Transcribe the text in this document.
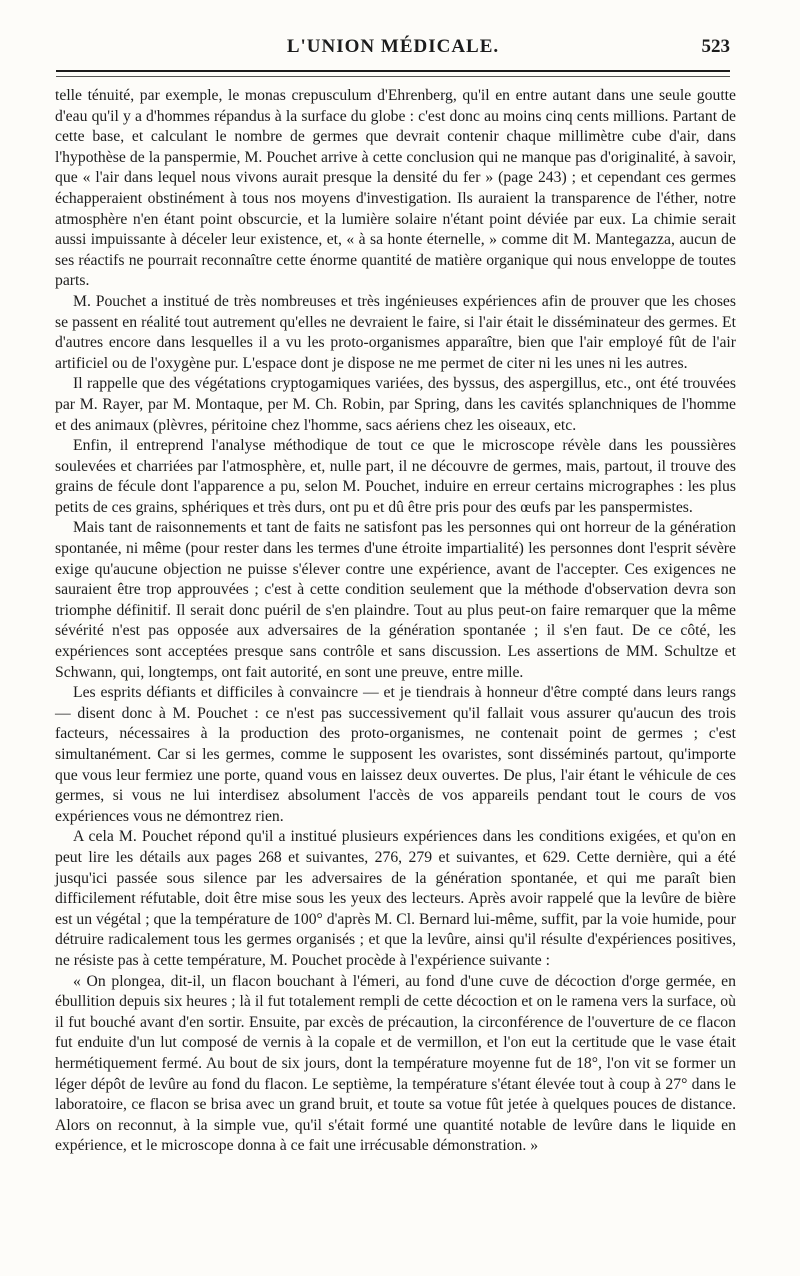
L'UNION MÉDICALE.	523

telle ténuité, par exemple, le monas crepusculum d'Ehrenberg, qu'il en entre autant dans une seule goutte d'eau qu'il y a d'hommes répandus à la surface du globe : c'est donc au moins cinq cents millions. Partant de cette base, et calculant le nombre de germes que devrait contenir chaque millimètre cube d'air, dans l'hypothèse de la panspermie, M. Pouchet arrive à cette conclusion qui ne manque pas d'originalité, à savoir, que « l'air dans lequel nous vivons aurait presque la densité du fer » (page 243) ; et cependant ces germes échapperaient obstinément à tous nos moyens d'investigation. Ils auraient la transparence de l'éther, notre atmosphère n'en étant point obscurcie, et la lumière solaire n'étant point déviée par eux. La chimie serait aussi impuissante à déceler leur existence, et, « à sa honte éternelle, » comme dit M. Mantegazza, aucun de ses réactifs ne pourrait reconnaître cette énorme quantité de matière organique qui nous enveloppe de toutes parts.

M. Pouchet a institué de très nombreuses et très ingénieuses expériences afin de prouver que les choses se passent en réalité tout autrement qu'elles ne devraient le faire, si l'air était le disséminateur des germes. Et d'autres encore dans lesquelles il a vu les proto-organismes apparaître, bien que l'air employé fût de l'air artificiel ou de l'oxygène pur. L'espace dont je dispose ne me permet de citer ni les unes ni les autres.

Il rappelle que des végétations cryptogamiques variées, des byssus, des aspergillus, etc., ont été trouvées par M. Rayer, par M. Montaque, per M. Ch. Robin, par Spring, dans les cavités splanchniques de l'homme et des animaux (plèvres, péritoine chez l'homme, sacs aériens chez les oiseaux, etc.

Enfin, il entreprend l'analyse méthodique de tout ce que le microscope révèle dans les poussières soulevées et charriées par l'atmosphère, et, nulle part, il ne découvre de germes, mais, partout, il trouve des grains de fécule dont l'apparence a pu, selon M. Pouchet, induire en erreur certains micrographes : les plus petits de ces grains, sphériques et très durs, ont pu et dû être pris pour des œufs par les panspermistes.

Mais tant de raisonnements et tant de faits ne satisfont pas les personnes qui ont horreur de la génération spontanée, ni même (pour rester dans les termes d'une étroite impartialité) les personnes dont l'esprit sévère exige qu'aucune objection ne puisse s'élever contre une expérience, avant de l'accepter. Ces exigences ne sauraient être trop approuvées ; c'est à cette condition seulement que la méthode d'observation devra son triomphe définitif. Il serait donc puéril de s'en plaindre. Tout au plus peut-on faire remarquer que la même sévérité n'est pas opposée aux adversaires de la génération spontanée ; il s'en faut. De ce côté, les expériences sont acceptées presque sans contrôle et sans discussion. Les assertions de MM. Schultze et Schwann, qui, longtemps, ont fait autorité, en sont une preuve, entre mille.

Les esprits défiants et difficiles à convaincre — et je tiendrais à honneur d'être compté dans leurs rangs — disent donc à M. Pouchet : ce n'est pas successivement qu'il fallait vous assurer qu'aucun des trois facteurs, nécessaires à la production des proto-organismes, ne contenait point de germes ; c'est simultanément. Car si les germes, comme le supposent les ovaristes, sont disséminés partout, qu'importe que vous leur fermiez une porte, quand vous en laissez deux ouvertes. De plus, l'air étant le véhicule de ces germes, si vous ne lui interdisez absolument l'accès de vos appareils pendant tout le cours de vos expériences vous ne démontrez rien.

A cela M. Pouchet répond qu'il a institué plusieurs expériences dans les conditions exigées, et qu'on en peut lire les détails aux pages 268 et suivantes, 276, 279 et suivantes, et 629. Cette dernière, qui a été jusqu'ici passée sous silence par les adversaires de la génération spontanée, et qui me paraît bien difficilement réfutable, doit être mise sous les yeux des lecteurs. Après avoir rappelé que la levûre de bière est un végétal ; que la température de 100° d'après M. Cl. Bernard lui-même, suffit, par la voie humide, pour détruire radicalement tous les germes organisés ; et que la levûre, ainsi qu'il résulte d'expériences positives, ne résiste pas à cette température, M. Pouchet procède à l'expérience suivante :

« On plongea, dit-il, un flacon bouchant à l'émeri, au fond d'une cuve de décoction d'orge germée, en ébullition depuis six heures ; là il fut totalement rempli de cette décoction et on le ramena vers la surface, où il fut bouché avant d'en sortir. Ensuite, par excès de précaution, la circonférence de l'ouverture de ce flacon fut enduite d'un lut composé de vernis à la copale et de vermillon, et l'on eut la certitude que le vase était hermétiquement fermé. Au bout de six jours, dont la température moyenne fut de 18°, l'on vit se former un léger dépôt de levûre au fond du flacon. Le septième, la température s'étant élevée tout à coup à 27° dans le laboratoire, ce flacon se brisa avec un grand bruit, et toute sa votue fût jetée à quelques pouces de distance. Alors on reconnut, à la simple vue, qu'il s'était formé une quantité notable de levûre dans le liquide en expérience, et le microscope donna à ce fait une irrécusable démonstration. »
